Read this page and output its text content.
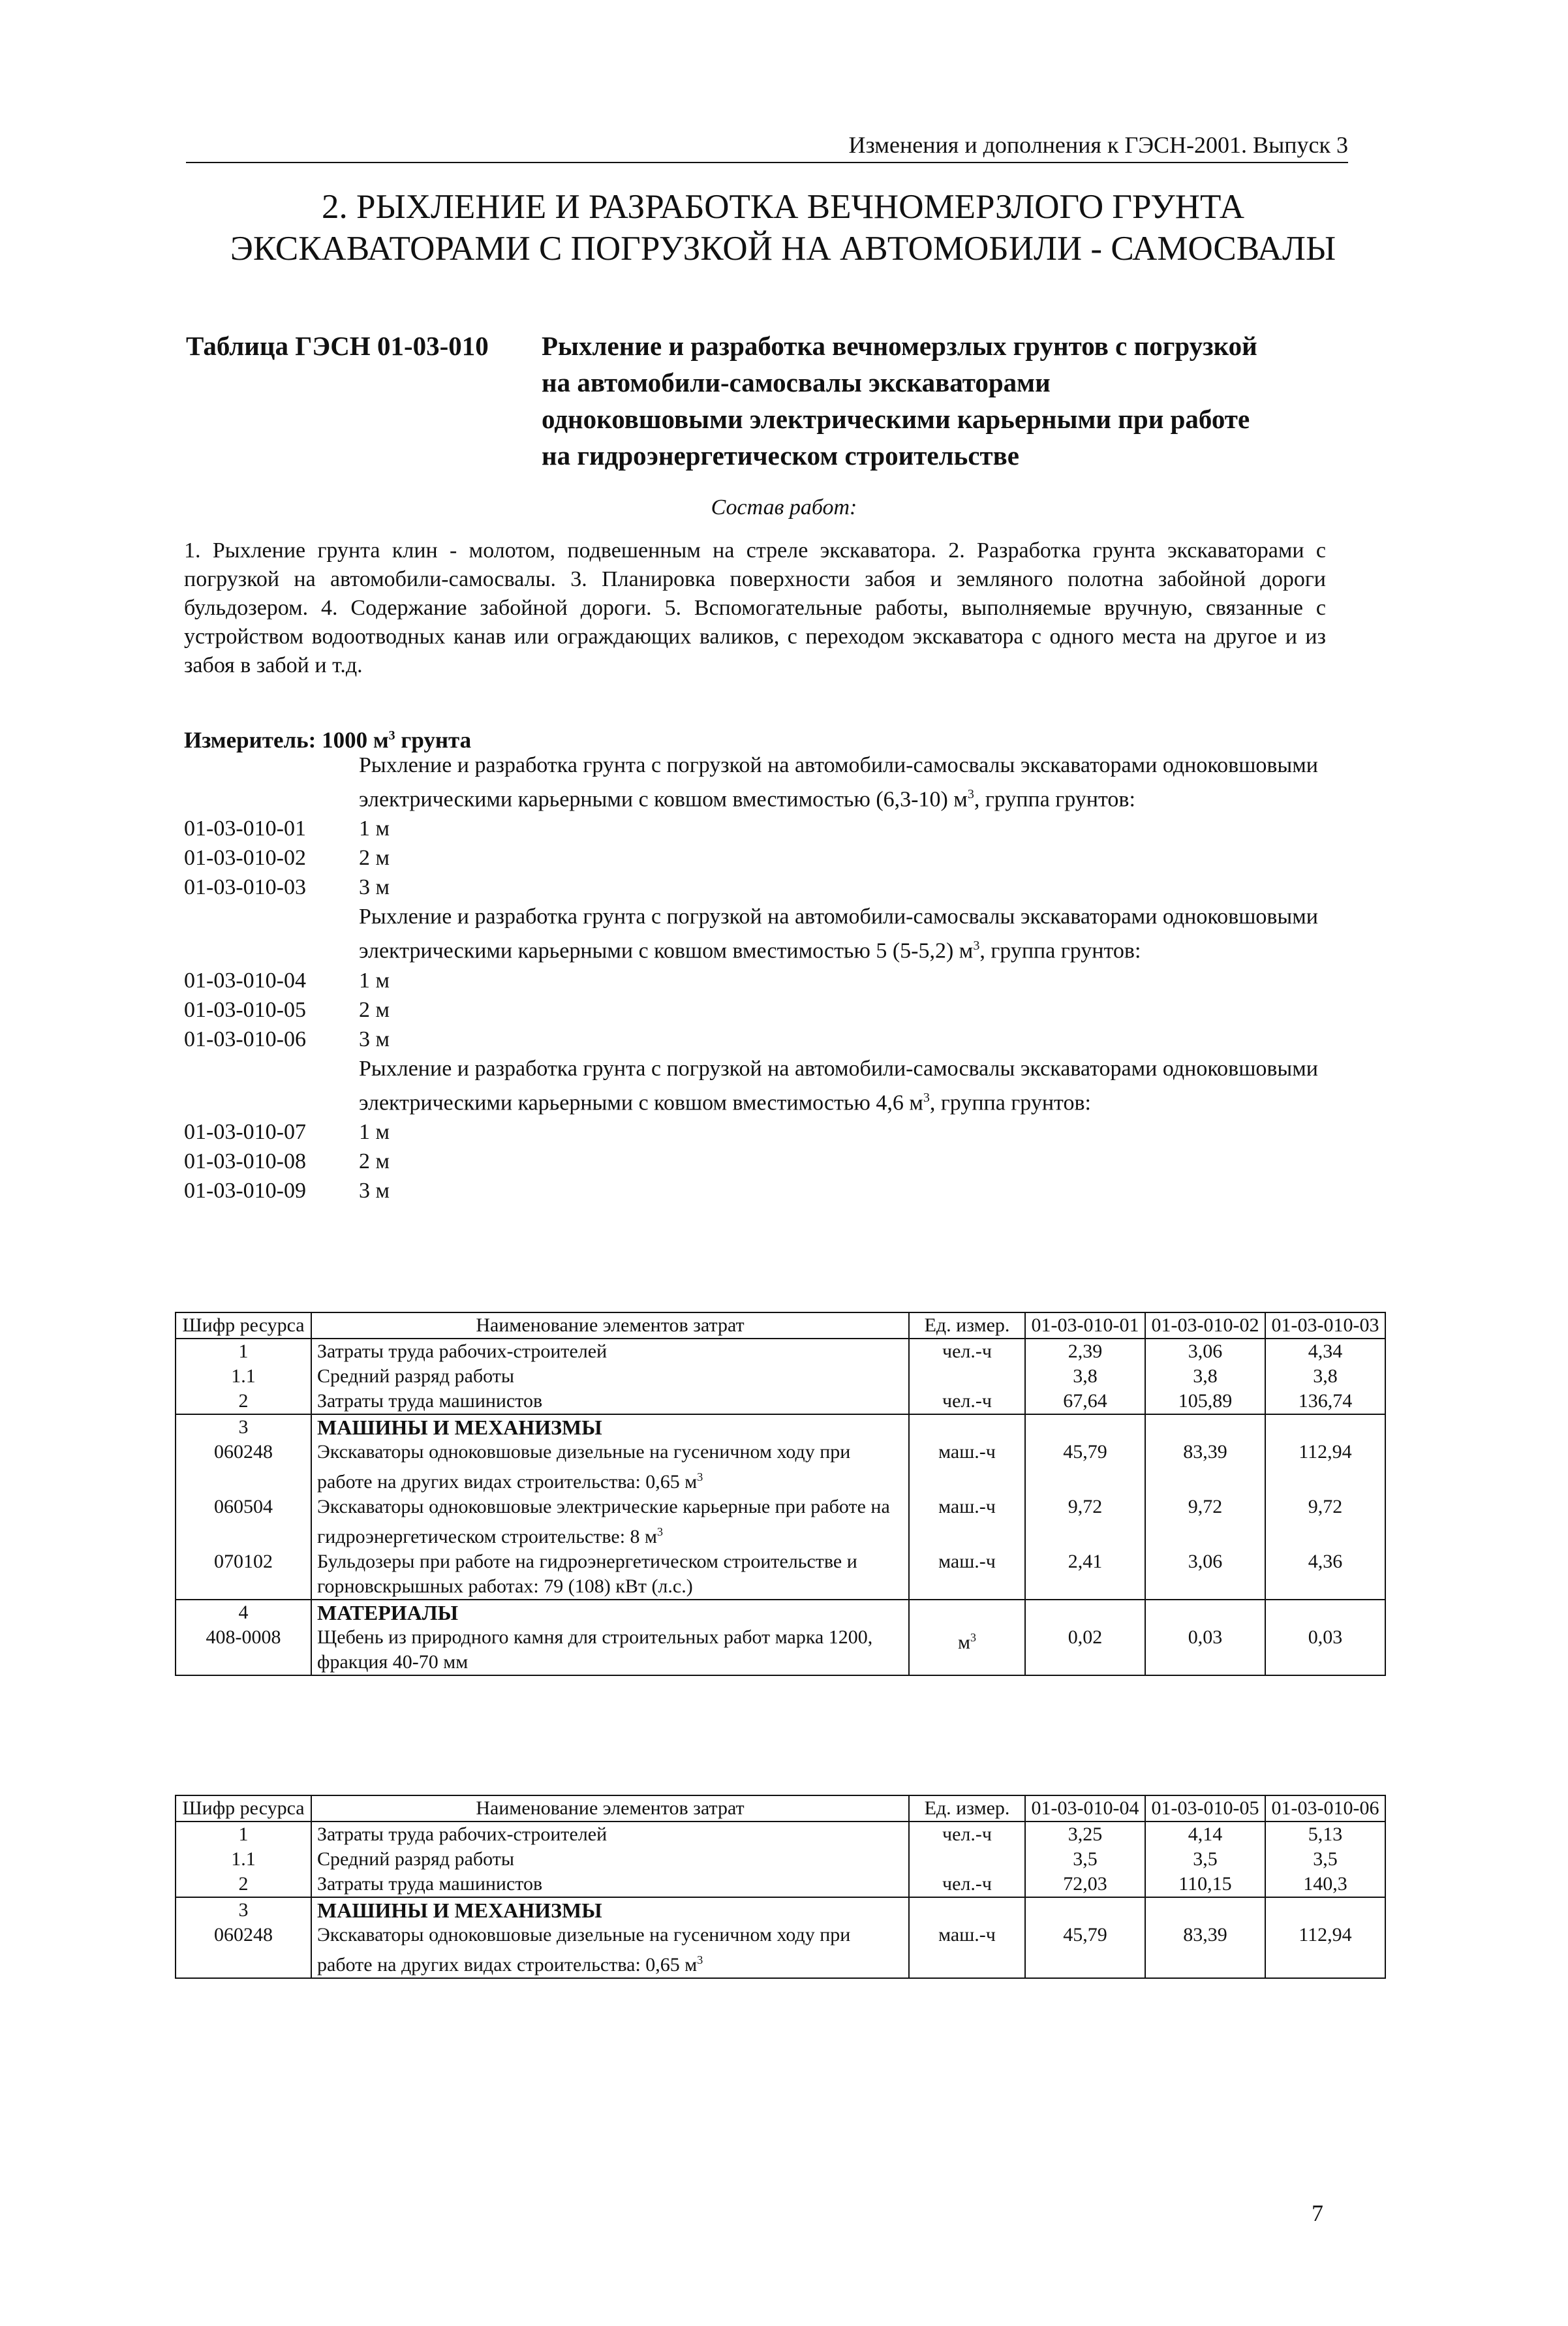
Изменения и дополнения к ГЭСН-2001. Выпуск 3
2. РЫХЛЕНИЕ И РАЗРАБОТКА ВЕЧНОМЕРЗЛОГО ГРУНТА
ЭКСКАВАТОРАМИ С ПОГРУЗКОЙ НА АВТОМОБИЛИ - САМОСВАЛЫ
Таблица ГЭСН 01-03-010 Рыхление и разработка вечномерзлых грунтов с погрузкой
на автомобили-самосвалы экскаваторами
одноковшовыми электрическими карьерными при работе
на гидроэнергетическом строительстве
Состав работ:
1. Рыхление грунта клин - молотом, подвешенным на стреле экскаватора. 2. Разработка грунта экскаваторами с погрузкой на автомобили-самосвалы. 3. Планировка поверхности забоя и земляного полотна забойной дороги бульдозером. 4. Содержание забойной дороги. 5. Вспомогательные работы, выполняемые вручную, связанные с устройством водоотводных канав или ограждающих валиков, с переходом экскаватора с одного места на другое и из забоя в забой и т.д.
Измеритель: 1000 $м^3$ грунта
Рыхление и разработка грунта с погрузкой на автомобили-самосвалы экскаваторами одноковшовыми электрическими карьерными с ковшом вместимостью (6,3-10) $м^3$, группа грунтов:
01-03-010-01 1 м
01-03-010-02 2 м
01-03-010-03 3 м
Рыхление и разработка грунта с погрузкой на автомобили-самосвалы экскаваторами одноковшовыми электрическими карьерными с ковшом вместимостью 5 (5-5,2) $м^3$, группа грунтов:
01-03-010-04 1 м
01-03-010-05 2 м
01-03-010-06 3 м
Рыхление и разработка грунта с погрузкой на автомобили-самосвалы экскаваторами одноковшовыми электрическими карьерными с ковшом вместимостью 4,6 $м^3$, группа грунтов:
01-03-010-07 1 м
01-03-010-08 2 м
01-03-010-09 3 м
Шифр ресурса	Наименование элементов затрат	Ед. измер.	01-03-010-01	01-03-010-02	01-03-010-03
1	Затраты труда рабочих-строителей	чел.-ч	2,39	3,06	4,34
1.1	Средний разряд работы		3,8	3,8	3,8
2	Затраты труда машинистов	чел.-ч	67,64	105,89	136,74
3	МАШИНЫ И МЕХАНИЗМЫ				
060248	Экскаваторы одноковшовые дизельные на гусеничном ходу при работе на других видах строительства: 0,65 $м^3$	маш.-ч	45,79	83,39	112,94
060504	Экскаваторы одноковшовые электрические карьерные при работе на гидроэнергетическом строительстве: 8 $м^3$	маш.-ч	9,72	9,72	9,72
070102	Бульдозеры при работе на гидроэнергетическом строительстве и горновскрышных работах: 79 (108) кВт (л.с.)	маш.-ч	2,41	3,06	4,36
4	МАТЕРИАЛЫ				
408-0008	Щебень из природного камня для строительных работ марка 1200, фракция 40-70 мм	$м^3$	0,02	0,03	0,03
Шифр ресурса	Наименование элементов затрат	Ед. измер.	01-03-010-04	01-03-010-05	01-03-010-06
1	Затраты труда рабочих-строителей	чел.-ч	3,25	4,14	5,13
1.1	Средний разряд работы		3,5	3,5	3,5
2	Затраты труда машинистов	чел.-ч	72,03	110,15	140,3
3	МАШИНЫ И МЕХАНИЗМЫ				
060248	Экскаваторы одноковшовые дизельные на гусеничном ходу при работе на других видах строительства: 0,65 $м^3$	маш.-ч	45,79	83,39	112,94
7
